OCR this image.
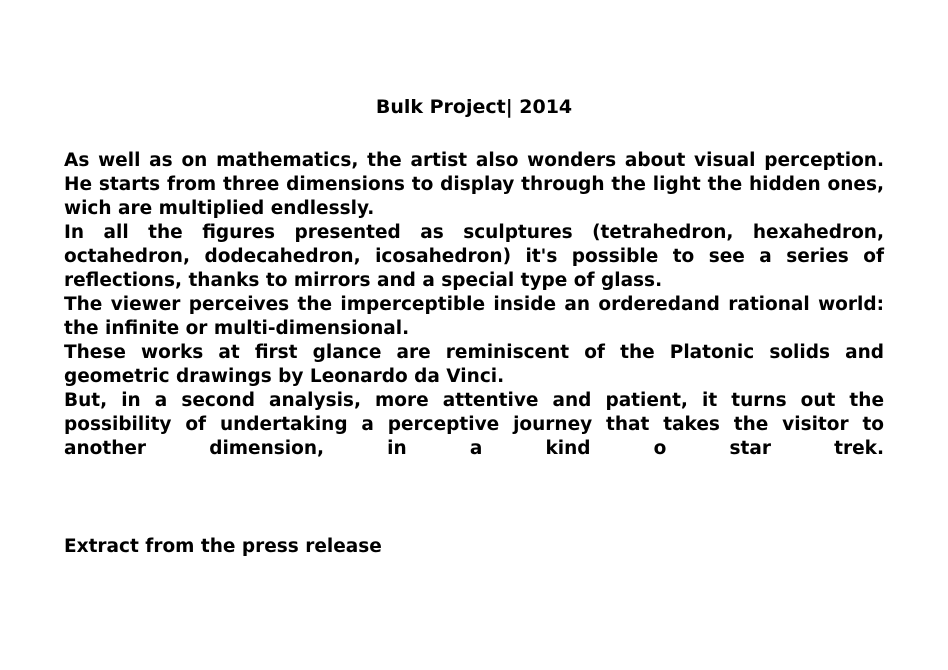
Bulk Project| 2014

As well as on mathematics, the artist also wonders about visual perception. He starts from three dimensions to display through the light the hidden ones, wich are multiplied endlessly.

In all the figures presented as sculptures (tetrahedron, hexahedron, octahedron, dodecahedron, icosahedron) it's possible to see a series of reflections, thanks to mirrors and a special type of glass.

The viewer perceives the imperceptible inside an orderedand rational world: the infinite or multi-dimensional.

These works at first glance are reminiscent of the Platonic solids and geometric drawings by Leonardo da Vinci.

But, in a second analysis, more attentive and patient, it turns out the possibility of undertaking a perceptive journey that takes the visitor to another dimension, in a kind o star trek.

Extract from the press release
